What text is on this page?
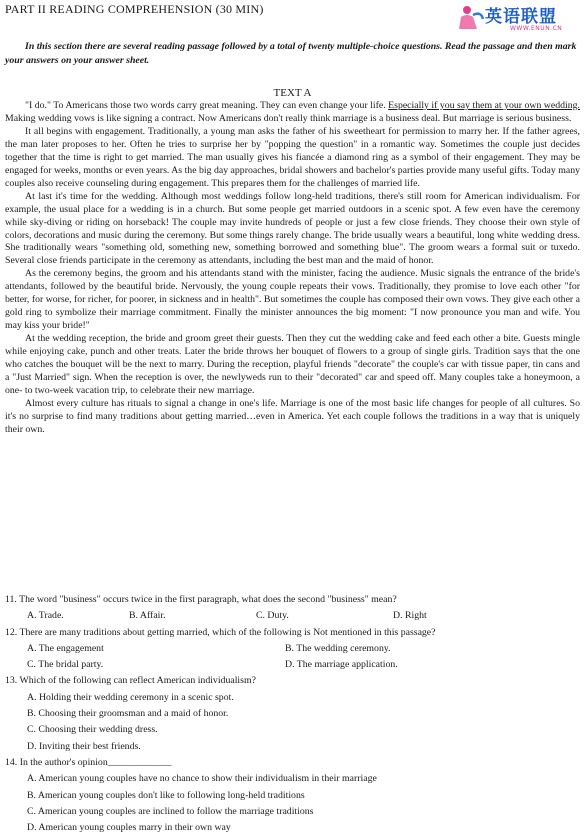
PART II READING COMPREHENSION (30 MIN)	英语联盟
WWW.ENUN.CN
In this section there are several reading passage followed by a total of twenty multiple-choice questions. Read the passage and then mark your answers on your answer sheet.
TEXT A

"I do." To Americans those two words carry great meaning. They can even change your life. Especially if you say them at your own wedding. Making wedding vows is like signing a contract. Now Americans don't really think marriage is a business deal. But marriage is serious business.

It all begins with engagement. Traditionally, a young man asks the father of his sweetheart for permission to marry her. If the father agrees, the man later proposes to her. Often he tries to surprise her by "popping the question" in a romantic way. Sometimes the couple just decides together that the time is right to get married. The man usually gives his fiancée a diamond ring as a symbol of their engagement. They may be engaged for weeks, months or even years. As the big day approaches, bridal showers and bachelor's parties provide many useful gifts. Today many couples also receive counseling during engagement. This prepares them for the challenges of married life.

At last it's time for the wedding. Although most weddings follow long-held traditions, there's still room for American individualism. For example, the usual place for a wedding is in a church. But some people get married outdoors in a scenic spot. A few even have the ceremony while sky-diving or riding on horseback! The couple may invite hundreds of people or just a few close friends. They choose their own style of colors, decorations and music during the ceremony. But some things rarely change. The bride usually wears a beautiful, long white wedding dress. She traditionally wears "something old, something new, something borrowed and something blue". The groom wears a formal suit or tuxedo. Several close friends participate in the ceremony as attendants, including the best man and the maid of honor.

As the ceremony begins, the groom and his attendants stand with the minister, facing the audience. Music signals the entrance of the bride's attendants, followed by the beautiful bride. Nervously, the young couple repeats their vows. Traditionally, they promise to love each other "for better, for worse, for richer, for poorer, in sickness and in health". But sometimes the couple has composed their own vows. They give each other a gold ring to symbolize their marriage commitment. Finally the minister announces the big moment: "I now pronounce you man and wife. You may kiss your bride!"

At the wedding reception, the bride and groom greet their guests. Then they cut the wedding cake and feed each other a bite. Guests mingle while enjoying cake, punch and other treats. Later the bride throws her bouquet of flowers to a group of single girls. Tradition says that the one who catches the bouquet will be the next to marry. During the reception, playful friends "decorate" the couple's car with tissue paper, tin cans and a "Just Married" sign. When the reception is over, the newlyweds run to their "decorated" car and speed off. Many couples take a honeymoon, a one- to two-week vacation trip, to celebrate their new marriage.

Almost every culture has rituals to signal a change in one's life. Marriage is one of the most basic life changes for people of all cultures. So it's no surprise to find many traditions about getting married…even in America. Yet each couple follows the traditions in a way that is uniquely their own.

11. The word "business" occurs twice in the first paragraph, what does the second "business" mean?

A. Trade.	B. Affair.	C. Duty.	D. Right

12. There are many traditions about getting married, which of the following is Not mentioned in this passage?

A. The engagement	B. The wedding ceremony.

C. The bridal party.	D. The marriage application.

13. Which of the following can reflect American individualism?

A. Holding their wedding ceremony in a scenic spot.

B. Choosing their groomsman and a maid of honor.

C. Choosing their wedding dress.

D. Inviting their best friends.

14. In the author's opinion_____________

A. American young couples have no chance to show their individualism in their marriage

B. American young couples don't like to following long-held traditions

C. American young couples are inclined to follow the marriage traditions

D. American young couples marry in their own way
